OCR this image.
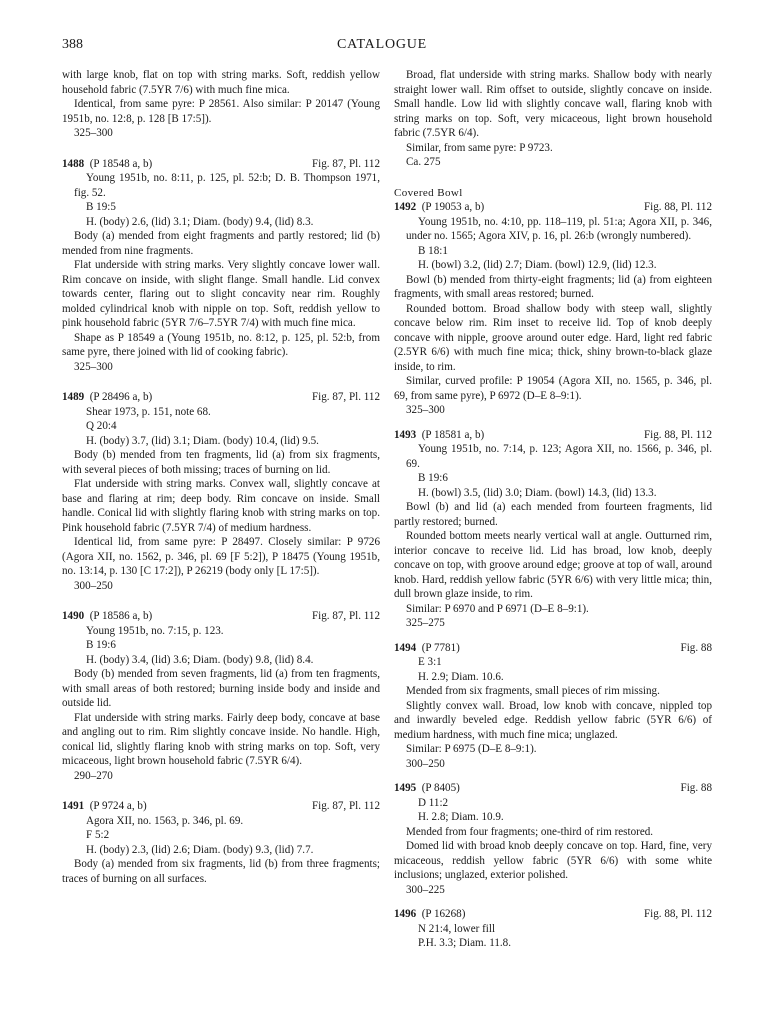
388	CATALOGUE

with large knob, flat on top with string marks. Soft, reddish yellow household fabric (7.5YR 7/6) with much fine mica.

Identical, from same pyre: P 28561. Also similar: P 20147 (Young 1951b, no. 12:8, p. 128 [B 17:5]).

325–300

1488 (P 18548 a, b)	Fig. 87, Pl. 112

Young 1951b, no. 8:11, p. 125, pl. 52:b; D. B. Thompson 1971, fig. 52.

B 19:5

H. (body) 2.6, (lid) 3.1; Diam. (body) 9.4, (lid) 8.3.

Body (a) mended from eight fragments and partly restored; lid (b) mended from nine fragments.

Flat underside with string marks. Very slightly concave lower wall. Rim concave on inside, with slight flange. Small handle. Lid convex towards center, flaring out to slight concavity near rim. Roughly molded cylindrical knob with nipple on top. Soft, reddish yellow to pink household fabric (5YR 7/6–7.5YR 7/4) with much fine mica.

Shape as P 18549 a (Young 1951b, no. 8:12, p. 125, pl. 52:b, from same pyre, there joined with lid of cooking fabric).

325–300

1489 (P 28496 a, b)	Fig. 87, Pl. 112

Shear 1973, p. 151, note 68.

Q 20:4

H. (body) 3.7, (lid) 3.1; Diam. (body) 10.4, (lid) 9.5.

Body (b) mended from ten fragments, lid (a) from six fragments, with several pieces of both missing; traces of burning on lid.

Flat underside with string marks. Convex wall, slightly concave at base and flaring at rim; deep body. Rim concave on inside. Small handle. Conical lid with slightly flaring knob with string marks on top. Pink household fabric (7.5YR 7/4) of medium hardness.

Identical lid, from same pyre: P 28497. Closely similar: P 9726 (Agora XII, no. 1562, p. 346, pl. 69 [F 5:2]), P 18475 (Young 1951b, no. 13:14, p. 130 [C 17:2]), P 26219 (body only [L 17:5]).

300–250

1490 (P 18586 a, b)	Fig. 87, Pl. 112

Young 1951b, no. 7:15, p. 123.

B 19:6

H. (body) 3.4, (lid) 3.6; Diam. (body) 9.8, (lid) 8.4.

Body (b) mended from seven fragments, lid (a) from ten fragments, with small areas of both restored; burning inside body and inside and outside lid.

Flat underside with string marks. Fairly deep body, concave at base and angling out to rim. Rim slightly concave inside. No handle. High, conical lid, slightly flaring knob with string marks on top. Soft, very micaceous, light brown household fabric (7.5YR 6/4).

290–270

1491 (P 9724 a, b)	Fig. 87, Pl. 112

Agora XII, no. 1563, p. 346, pl. 69.

F 5:2

H. (body) 2.3, (lid) 2.6; Diam. (body) 9.3, (lid) 7.7.

Body (a) mended from six fragments, lid (b) from three fragments; traces of burning on all surfaces.

Broad, flat underside with string marks. Shallow body with nearly straight lower wall. Rim offset to outside, slightly concave on inside. Small handle. Low lid with slightly concave wall, flaring knob with string marks on top. Soft, very micaceous, light brown household fabric (7.5YR 6/4).

Similar, from same pyre: P 9723.

Ca. 275

Covered Bowl
1492 (P 19053 a, b)	Fig. 88, Pl. 112

Young 1951b, no. 4:10, pp. 118–119, pl. 51:a; Agora XII, p. 346, under no. 1565; Agora XIV, p. 16, pl. 26:b (wrongly numbered).

B 18:1

H. (bowl) 3.2, (lid) 2.7; Diam. (bowl) 12.9, (lid) 12.3.

Bowl (b) mended from thirty-eight fragments; lid (a) from eighteen fragments, with small areas restored; burned.

Rounded bottom. Broad shallow body with steep wall, slightly concave below rim. Rim inset to receive lid. Top of knob deeply concave with nipple, groove around outer edge. Hard, light red fabric (2.5YR 6/6) with much fine mica; thick, shiny brown-to-black glaze inside, to rim.

Similar, curved profile: P 19054 (Agora XII, no. 1565, p. 346, pl. 69, from same pyre), P 6972 (D–E 8–9:1).

325–300

1493 (P 18581 a, b)	Fig. 88, Pl. 112

Young 1951b, no. 7:14, p. 123; Agora XII, no. 1566, p. 346, pl. 69.

B 19:6

H. (bowl) 3.5, (lid) 3.0; Diam. (bowl) 14.3, (lid) 13.3.

Bowl (b) and lid (a) each mended from fourteen fragments, lid partly restored; burned.

Rounded bottom meets nearly vertical wall at angle. Outturned rim, interior concave to receive lid. Lid has broad, low knob, deeply concave on top, with groove around edge; groove at top of wall, around knob. Hard, reddish yellow fabric (5YR 6/6) with very little mica; thin, dull brown glaze inside, to rim.

Similar: P 6970 and P 6971 (D–E 8–9:1).

325–275

1494 (P 7781)	Fig. 88

E 3:1

H. 2.9; Diam. 10.6.

Mended from six fragments, small pieces of rim missing.

Slightly convex wall. Broad, low knob with concave, nippled top and inwardly beveled edge. Reddish yellow fabric (5YR 6/6) of medium hardness, with much fine mica; unglazed.

Similar: P 6975 (D–E 8–9:1).

300–250

1495 (P 8405)	Fig. 88

D 11:2

H. 2.8; Diam. 10.9.

Mended from four fragments; one-third of rim restored.

Domed lid with broad knob deeply concave on top. Hard, fine, very micaceous, reddish yellow fabric (5YR 6/6) with some white inclusions; unglazed, exterior polished.

300–225

1496 (P 16268)	Fig. 88, Pl. 112

N 21:4, lower fill

P.H. 3.3; Diam. 11.8.
